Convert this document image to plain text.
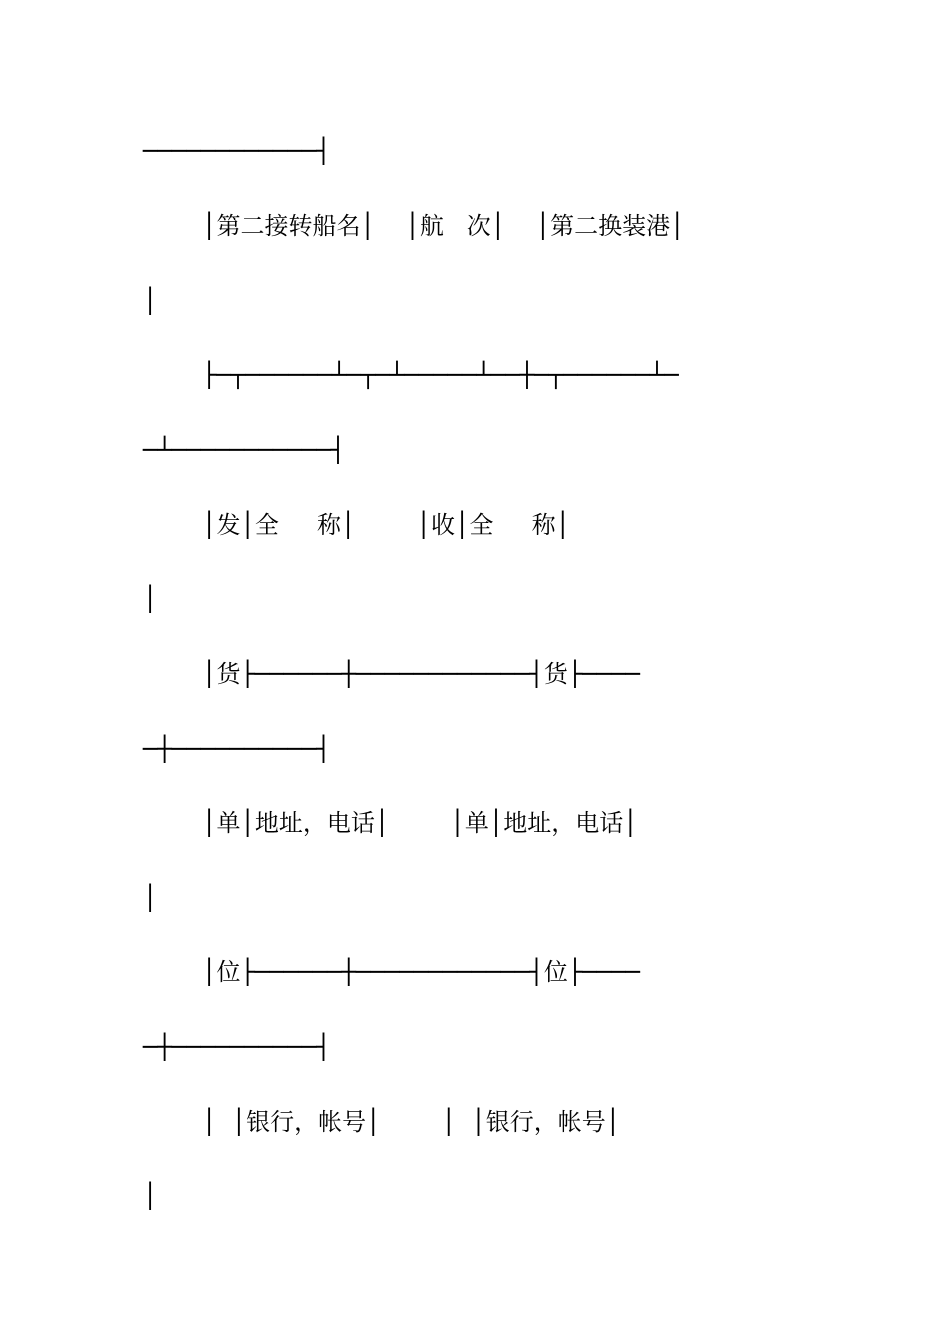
────────────┤

│第二接转船名│    │航   次│    │第二换装港│

│

├─┬──────┴─┬─┴─────┴──┼─┬──────┴─

─┴───────────┤

│发│全     称│        │收│全     称│

│

│货├──────┼────────────┤货├────

─┼──────────┤

│单│地址，电话│        │单│地址，电话│

│

│位├──────┼────────────┤位├────

─┼──────────┤

│  │银行，帐号│        │  │银行，帐号│

│
